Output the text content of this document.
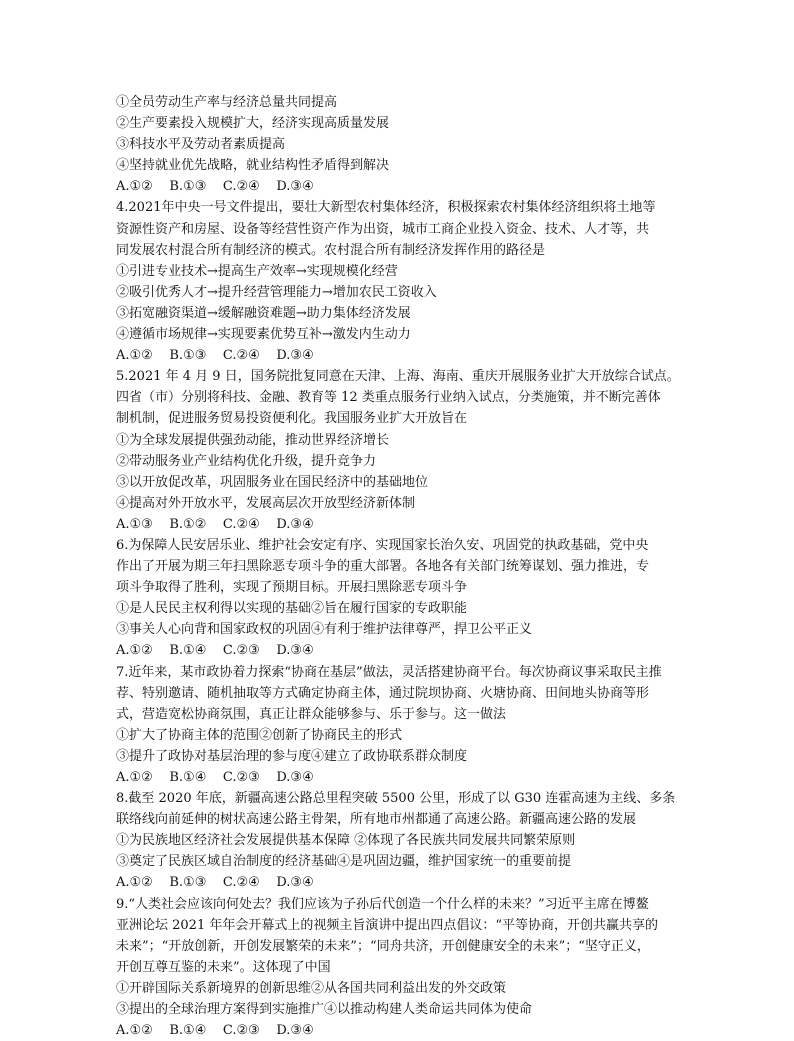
①全员劳动生产率与经济总量共同提高
②生产要素投入规模扩大，经济实现高质量发展
③科技水平及劳动者素质提高
④坚持就业优先战略，就业结构性矛盾得到解决
A.①②    B.①③    C.②④    D.③④
4.2021年中央一号文件提出，要壮大新型农村集体经济，积极探索农村集体经济组织将土地等
资源性资产和房屋、设备等经营性资产作为出资，城市工商企业投入资金、技术、人才等，共
同发展农村混合所有制经济的模式。农村混合所有制经济发挥作用的路径是
①引进专业技术→提高生产效率→实现规模化经营
②吸引优秀人才→提升经营管理能力→增加农民工资收入
③拓宽融资渠道→缓解融资难题→助力集体经济发展
④遵循市场规律→实现要素优势互补→激发内生动力
A.①②    B.①③    C.②④    D.③④
5.2021 年 4 月 9 日，国务院批复同意在天津、上海、海南、重庆开展服务业扩大开放综合试点。
四省（市）分别将科技、金融、教育等 12 类重点服务行业纳入试点，分类施策，并不断完善体
制机制，促进服务贸易投资便利化。我国服务业扩大开放旨在
①为全球发展提供强劲动能，推动世界经济增长
②带动服务业产业结构优化升级，提升竞争力
③以开放促改革，巩固服务业在国民经济中的基础地位
④提高对外开放水平，发展高层次开放型经济新体制
A.①③    B.①②    C.②④    D.③④
6.为保障人民安居乐业、维护社会安定有序、实现国家长治久安、巩固党的执政基础，党中央
作出了开展为期三年扫黑除恶专项斗争的重大部署。各地各有关部门统筹谋划、强力推进，专
项斗争取得了胜利，实现了预期目标。开展扫黑除恶专项斗争
①是人民民主权利得以实现的基础②旨在履行国家的专政职能
③事关人心向背和国家政权的巩固④有利于维护法律尊严，捍卫公平正义
A.①②    B.①④    C.②③    D.③④
7.近年来，某市政协着力探索“协商在基层”做法，灵活搭建协商平台。每次协商议事采取民主推
荐、特别邀请、随机抽取等方式确定协商主体，通过院坝协商、火塘协商、田间地头协商等形
式，营造宽松协商氛围，真正让群众能够参与、乐于参与。这一做法
①扩大了协商主体的范围②创新了协商民主的形式
③提升了政协对基层治理的参与度④建立了政协联系群众制度
A.①②    B.①④    C.②③    D.③④
8.截至 2020 年底，新疆高速公路总里程突破 5500 公里，形成了以 G30 连霍高速为主线、多条
联络线向前延伸的树状高速公路主骨架，所有地市州都通了高速公路。新疆高速公路的发展
①为民族地区经济社会发展提供基本保障 ②体现了各民族共同发展共同繁荣原则
③奠定了民族区域自治制度的经济基础④是巩固边疆，维护国家统一的重要前提
A.①②    B.①③    C.②④    D.③④
9.“人类社会应该向何处去？我们应该为子孙后代创造一个什么样的未来？”习近平主席在博鳌
亚洲论坛 2021 年年会开幕式上的视频主旨演讲中提出四点倡议：“平等协商，开创共赢共享的
未来”；“开放创新，开创发展繁荣的未来”；“同舟共济，开创健康安全的未来”；“坚守正义，
开创互尊互鉴的未来”。这体现了中国
①开辟国际关系新境界的创新思维②从各国共同利益出发的外交政策
③提出的全球治理方案得到实施推广④以推动构建人类命运共同体为使命
A.①②    B.①④    C.②③    D.③④
